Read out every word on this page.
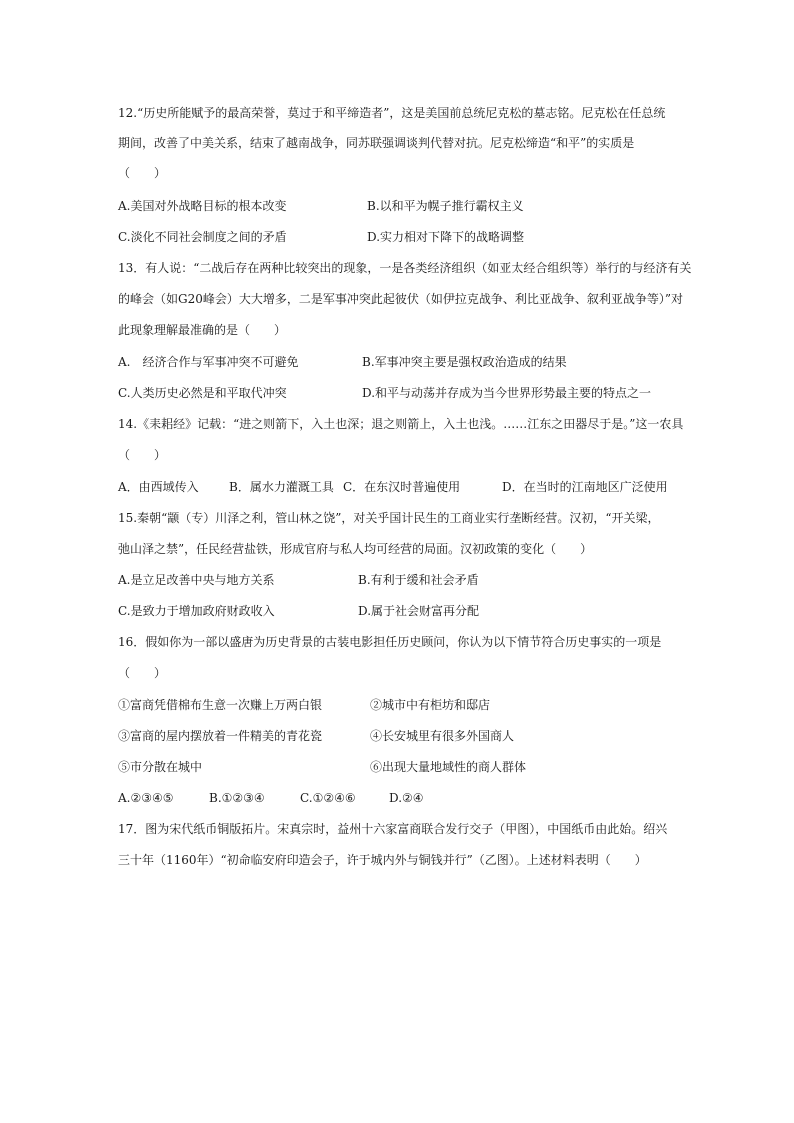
12.“历史所能赋予的最高荣誉，莫过于和平缔造者”，这是美国前总统尼克松的墓志铭。尼克松在任总统
期间，改善了中美关系，结束了越南战争，同苏联强调谈判代替对抗。尼克松缔造“和平”的实质是
（　　）
A.美国对外战略目标的根本改变	B.以和平为幌子推行霸权主义
C.淡化不同社会制度之间的矛盾	D.实力相对下降下的战略调整
13．有人说：“二战后存在两种比较突出的现象，一是各类经济组织（如亚太经合组织等）举行的与经济有关
的峰会（如G20峰会）大大增多，二是军事冲突此起彼伏（如伊拉克战争、利比亚战争、叙利亚战争等）”对
此现象理解最准确的是（　　）
A.　经济合作与军事冲突不可避免	B.军事冲突主要是强权政治造成的结果
C.人类历史必然是和平取代冲突	D.和平与动荡并存成为当今世界形势最主要的特点之一
14.《耒耜经》记载：“进之则箭下，入土也深；退之则箭上，入土也浅。……江东之田器尽于是。”这一农具
（　　）
A．由西域传入	B．属水力灌溉工具 C．在东汉时普遍使用	D．在当时的江南地区广泛使用
15.秦朝“颛（专）川泽之利，管山林之饶”，对关乎国计民生的工商业实行垄断经营。汉初，“开关梁，
弛山泽之禁”，任民经营盐铁，形成官府与私人均可经营的局面。汉初政策的变化（　　）
A.是立足改善中央与地方关系	B.有利于缓和社会矛盾
C.是致力于增加政府财政收入	D.属于社会财富再分配
16．假如你为一部以盛唐为历史背景的古装电影担任历史顾问，你认为以下情节符合历史事实的一项是
（　　）
①富商凭借棉布生意一次赚上万两白银	②城市中有柜坊和邸店
③富商的屋内摆放着一件精美的青花瓷	④长安城里有很多外国商人
⑤市分散在城中	⑥出现大量地域性的商人群体
A.②③④⑤	B.①②③④	C.①②④⑥	D.②④
17．图为宋代纸币铜版拓片。宋真宗时，益州十六家富商联合发行交子（甲图），中国纸币由此始。绍兴
三十年（1160年）“初命临安府印造会子，许于城内外与铜钱并行”（乙图）。上述材料表明（　　）
